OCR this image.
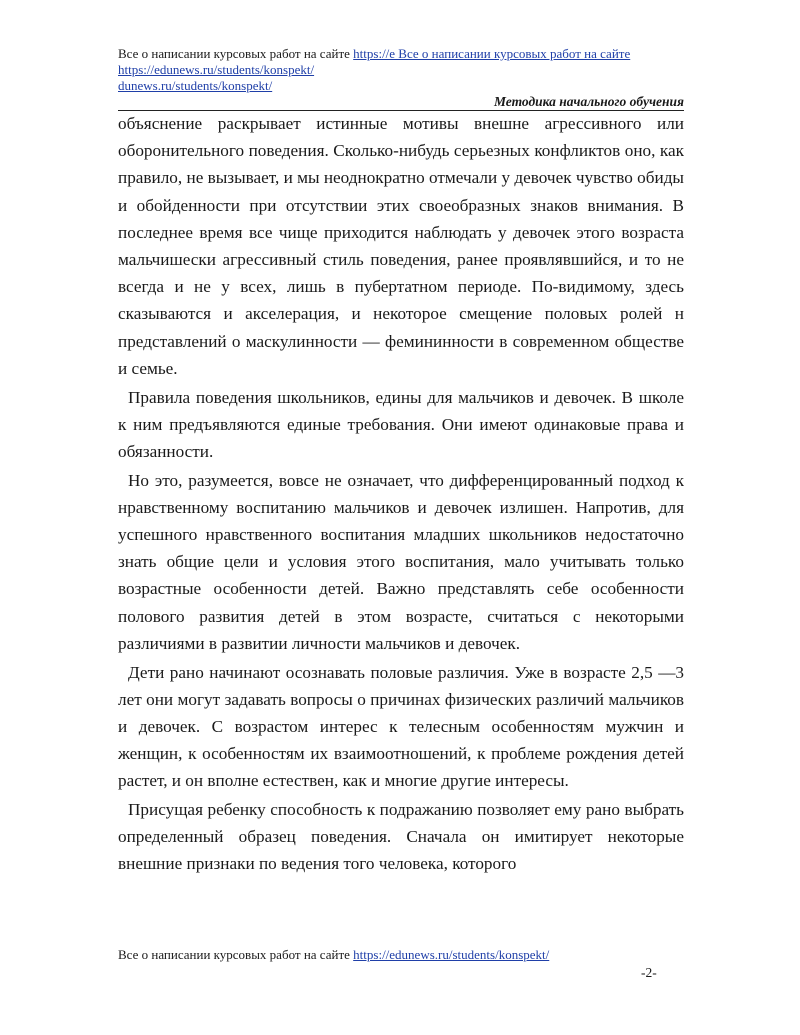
Все о написании курсовых работ на сайте https://e Все о написании курсовых работ на сайте
https://edunews.ru/students/konspekt/
dunews.ru/students/konspekt/
Методика начального обучения

объяснение раскрывает истинные мотивы внешне агрессивного или оборонительного поведения. Сколько-нибудь серьезных конфликтов оно, как правило, не вызывает, и мы неоднократно отмечали у девочек чувство обиды и обойденности при отсутствии этих своеобразных знаков внимания. В последнее время все чище приходится наблюдать у девочек этого возраста мальчишески агрессивный стиль поведения, ранее проявлявшийся, и то не всегда и не у всех, лишь в пубертатном периоде. По-видимому, здесь сказываются и акселерация, и некоторое смещение половых ролей н представлений о маскулинности — фемининности в современном обществе и семье.

Правила поведения школьников, едины для мальчиков и девочек. В школе к ним предъявляются единые требования. Они имеют одинаковые права и обязанности.

Но это, разумеется, вовсе не означает, что дифференцированный подход к нравственному воспитанию мальчиков и девочек излишен. Напротив, для успешного нравственного воспитания младших школьников недостаточно знать общие цели и условия этого воспитания, мало учитывать только возрастные особенности детей. Важно представлять себе особенности полового развития детей в этом возрасте, считаться с некоторыми различиями в развитии личности мальчиков и девочек.

Дети рано начинают осознавать половые различия. Уже в возрасте 2,5 —3 лет они могут задавать вопросы о причинах физических различий мальчиков и девочек. С возрастом интерес к телесным особенностям мужчин и женщин, к особенностям их взаимоотношений, к проблеме рождения детей растет, и он вполне естествен, как и многие другие интересы.

Присущая ребенку способность к подражанию позволяет ему рано выбрать определенный образец поведения. Сначала он имитирует некоторые внешние признаки по ведения того человека, которого

Все о написании курсовых работ на сайте https://edunews.ru/students/konspekt/
-2-
